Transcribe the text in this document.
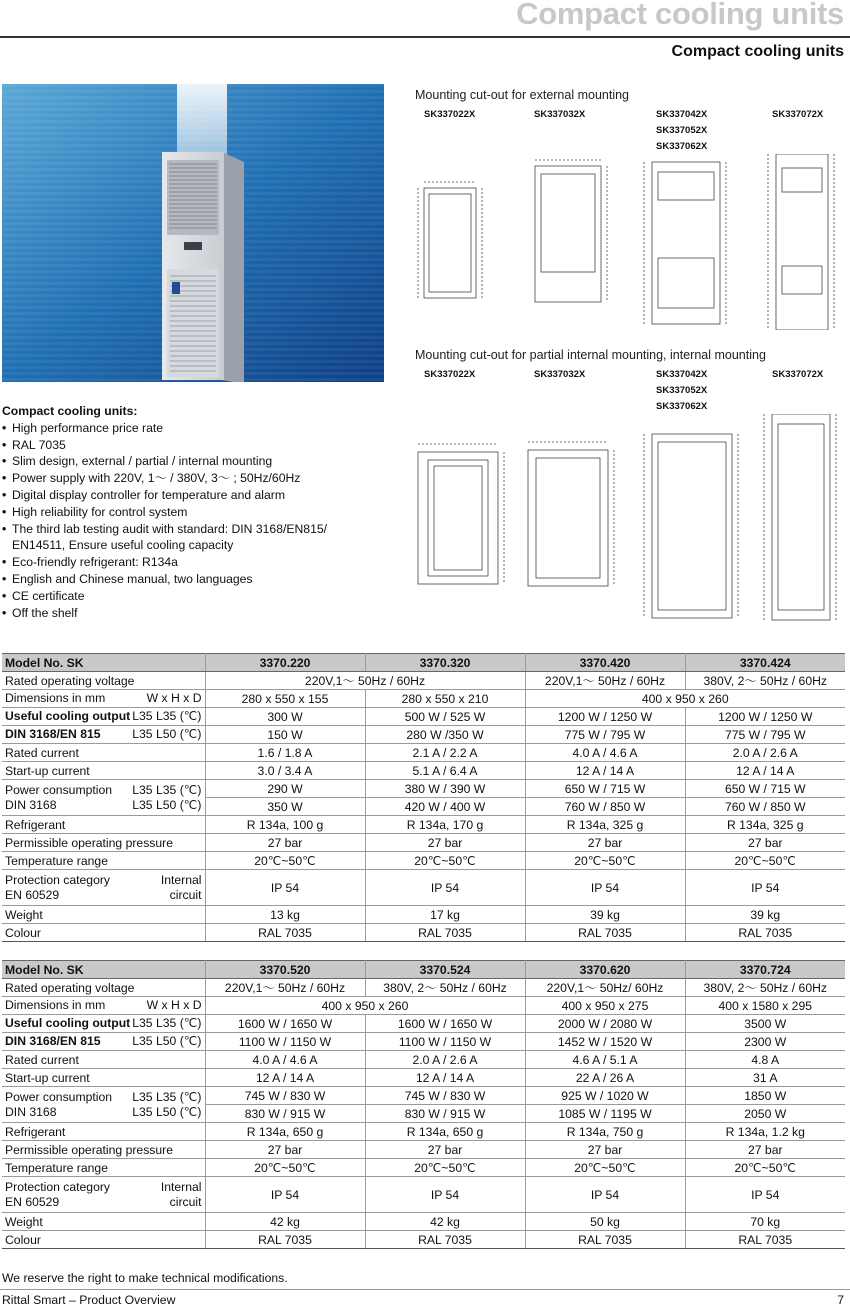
Compact cooling units
Compact cooling units
Mounting cut-out for external mounting
SK337022X	SK337032X	SK337042X
SK337052X
SK337062X
SK337072X
Mounting cut-out for partial internal mounting, internal mounting
SK337022X	SK337032X	SK337042X
SK337052X
SK337062X
SK337072X
Compact cooling units:
• High performance price rate
• RAL 7035
• Slim design, external / partial / internal mounting
• Power supply with 220V, 1～ / 380V, 3～ ; 50Hz/60Hz
• Digital display controller for temperature and alarm
• High reliability for control system
• The third lab testing audit with standard: DIN 3168/EN815/
EN14511, Ensure useful cooling capacity
• Eco-friendly refrigerant: R134a
• English and Chinese manual, two languages
• CE certificate
• Off the shelf
Model No. SK	3370.220	3370.320	3370.420	3370.424
Rated operating voltage	220V,1～ 50Hz / 60Hz		220V,1～ 50Hz / 60Hz	380V, 2～ 50Hz / 60Hz

Dimensions in mm W x H x D	280 x 550 x 155	280 x 550 x 210	400 x 950 x 260	

Useful cooling output L35 L35 (℃)	300 W	500 W / 525 W	1200 W / 1250 W	1200 W / 1250 W

DIN 3168/EN 815 L35 L50 (℃)	150 W	280 W /350 W	775 W / 795 W	775 W / 795 W
Rated current	1.6 / 1.8 A	2.1 A / 2.2 A	4.0 A / 4.6 A	2.0 A / 2.6 A
Start-up current	3.0 / 3.4 A	5.1 A / 6.4 A	12 A / 14 A	12 A / 14 A

Power consumption
DIN 3168
L35 L35 (℃)
L35 L50 (℃)	290 W	380 W / 390 W	650 W / 715 W	650 W / 715 W
	350 W	420 W / 400 W	760 W / 850 W	760 W / 850 W
Refrigerant	R 134a, 100 g	R 134a, 170 g	R 134a, 325 g	R 134a, 325 g
Permissible operating pressure	27 bar	27 bar	27 bar	27 bar
Temperature range	20℃~50℃	20℃~50℃	20℃~50℃	20℃~50℃

Protection category
EN 60529
Internal
circuit	IP 54	IP 54	IP 54	IP 54
Weight	13 kg	17 kg	39 kg	39 kg
Colour	RAL 7035	RAL 7035	RAL 7035	RAL 7035
Model No. SK	3370.520	3370.524	3370.620	3370.724
Rated operating voltage	220V,1～ 50Hz / 60Hz	380V, 2～ 50Hz / 60Hz	220V,1～ 50Hz/ 60Hz	380V, 2～ 50Hz / 60Hz

Dimensions in mm W x H x D	400 x 950 x 260		400 x 950 x 275	400 x 1580 x 295

Useful cooling output L35 L35 (℃)	1600 W / 1650 W	1600 W / 1650 W	2000 W / 2080 W	3500 W

DIN 3168/EN 815 L35 L50 (℃)	1100 W / 1150 W	1100 W / 1150 W	1452 W / 1520 W	2300 W
Rated current	4.0 A / 4.6 A	2.0 A / 2.6 A	4.6 A / 5.1 A	4.8 A
Start-up current	12 A / 14 A	12 A / 14 A	22 A / 26 A	31 A

Power consumption
DIN 3168
L35 L35 (℃)
L35 L50 (℃)	745 W / 830 W	745 W / 830 W	925 W / 1020 W	1850 W
	830 W / 915 W	830 W / 915 W	1085 W / 1195 W	2050 W
Refrigerant	R 134a, 650 g	R 134a, 650 g	R 134a, 750 g	R 134a, 1.2 kg
Permissible operating pressure	27 bar	27 bar	27 bar	27 bar
Temperature range	20℃~50℃	20℃~50℃	20℃~50℃	20℃~50℃

Protection category
EN 60529
Internal
circuit	IP 54	IP 54	IP 54	IP 54
Weight	42 kg	42 kg	50 kg	70 kg
Colour	RAL 7035	RAL 7035	RAL 7035	RAL 7035
We reserve the right to make technical modifications.
Rittal Smart – Product Overview	7
